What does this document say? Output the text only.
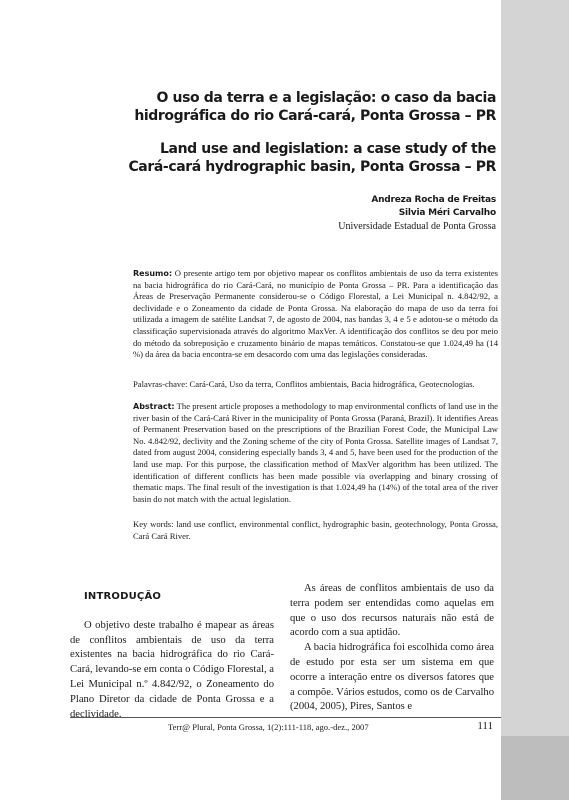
O uso da terra e a legislação: o caso da bacia
hidrográfica do rio Cará-cará, Ponta Grossa – PR
Land use and legislation: a case study of the
Cará-cará hydrographic basin, Ponta Grossa – PR
Andreza Rocha de Freitas
Silvia Méri Carvalho
Universidade Estadual de Ponta Grossa

Resumo: O presente artigo tem por objetivo mapear os conflitos ambientais de uso da terra existentes na bacia hidrográfica do rio Cará-Cará, no município de Ponta Grossa – PR. Para a identificação das Áreas de Preservação Permanente considerou-se o Código Florestal, a Lei Municipal n. 4.842/92, a declividade e o Zoneamento da cidade de Ponta Grossa. Na elaboração do mapa de uso da terra foi utilizada a imagem de satélite Landsat 7, de agosto de 2004, nas bandas 3, 4 e 5 e adotou-se o método da classificação supervisionada através do algoritmo MaxVer. A identificação dos conflitos se deu por meio do método da sobreposição e cruzamento binário de mapas temáticos. Constatou-se que 1.024,49 ha (14 %) da área da bacia encontra-se em desacordo com uma das legislações consideradas.

Palavras-chave: Cará-Cará, Uso da terra, Conflitos ambientais, Bacia hidrográfica, Geotecnologias.

Abstract: The present article proposes a methodology to map environmental conflicts of land use in the river basin of the Cará-Cará River in the municipality of Ponta Grossa (Paraná, Brazil). It identifies Areas of Permanent Preservation based on the prescriptions of the Brazilian Forest Code, the Municipal Law No. 4.842/92, declivity and the Zoning scheme of the city of Ponta Grossa. Satellite images of Landsat 7, dated from august 2004, considering especially bands 3, 4 and 5, have been used for the production of the land use map. For this purpose, the classification method of MaxVer algorithm has been utilized. The identification of different conflicts has been made possible via overlapping and binary crossing of thematic maps. The final result of the investigation is that 1.024,49 ha (14%) of the total area of the river basin do not match with the actual legislation.

Key words: land use conflict, environmental conflict, hydrographic basin, geotechnology, Ponta Grossa, Cará Cará River.

INTRODUÇÃO

O objetivo deste trabalho é mapear as áreas de conflitos ambientais de uso da terra existentes na bacia hidrográfica do rio Cará-Cará, levando-se em conta o Código Florestal, a Lei Municipal n.º 4.842/92, o Zoneamento do Plano Diretor da cidade de Ponta Grossa e a declividade.

As áreas de conflitos ambientais de uso da terra podem ser entendidas como aquelas em que o uso dos recursos naturais não está de acordo com a sua aptidão.

A bacia hidrográfica foi escolhida como área de estudo por esta ser um sistema em que ocorre a interação entre os diversos fatores que a compõe. Vários estudos, como os de Carvalho (2004, 2005), Pires, Santos e

Terr@ Plural, Ponta Grossa, 1(2):111-118, ago.-dez., 2007	111
